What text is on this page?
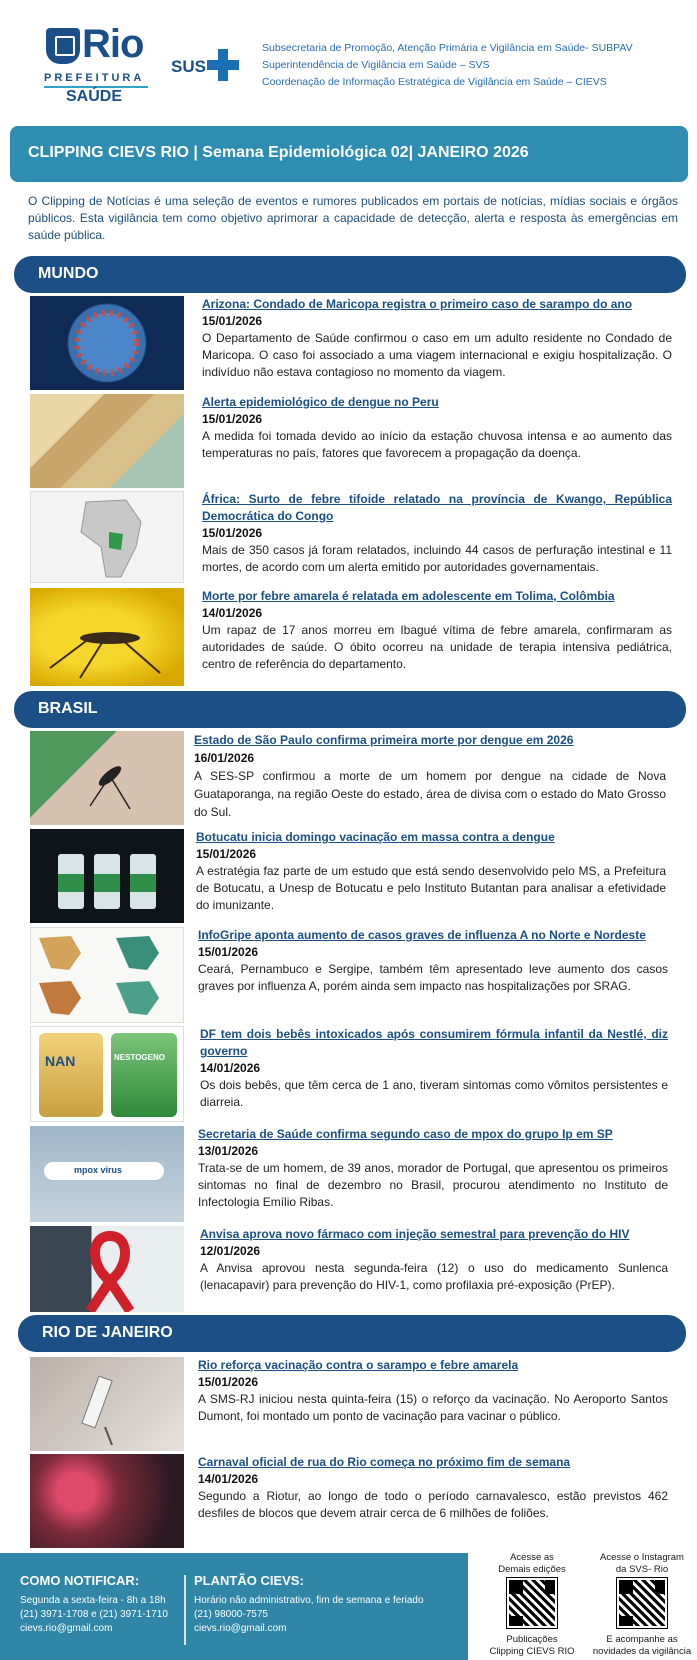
Rio
PREFEITURA
SAÚDE
SUS
Subsecretaria de Promoção, Atenção Primária e Vigilância em Saúde- SUBPAV
Superintendência de Vigilância em Saúde – SVS
Coordenação de Informação Estratégica de Vigilância em Saúde – CIEVS
CLIPPING CIEVS RIO | Semana Epidemiológica 02| JANEIRO 2026

O Clipping de Notícias é uma seleção de eventos e rumores publicados em portais de notícias, mídias sociais e órgãos públicos. Esta vigilância tem como objetivo aprimorar a capacidade de detecção, alerta e resposta às emergências em saúde pública.

MUNDO
Arizona: Condado de Maricopa registra o primeiro caso de sarampo do ano
15/01/2026
O Departamento de Saúde confirmou o caso em um adulto residente no Condado de Maricopa. O caso foi associado a uma viagem internacional e exigiu hospitalização. O indivíduo não estava contagioso no momento da viagem.
Alerta epidemiológico de dengue no Peru
15/01/2026
A medida foi tomada devido ao início da estação chuvosa intensa e ao aumento das temperaturas no país, fatores que favorecem a propagação da doença.
África: Surto de febre tifoide relatado na província de Kwango, República Democrática do Congo
15/01/2026
Mais de 350 casos já foram relatados, incluindo 44 casos de perfuração intestinal e 11 mortes, de acordo com um alerta emitido por autoridades governamentais.
Morte por febre amarela é relatada em adolescente em Tolima, Colômbia
14/01/2026
Um rapaz de 17 anos morreu em Ibagué vítima de febre amarela, confirmaram as autoridades de saúde. O óbito ocorreu na unidade de terapia intensiva pediátrica, centro de referência do departamento.
BRASIL
Estado de São Paulo confirma primeira morte por dengue em 2026
16/01/2026
A SES-SP confirmou a morte de um homem por dengue na cidade de Nova Guataporanga, na região Oeste do estado, área de divisa com o estado do Mato Grosso do Sul.
Botucatu inicia domingo vacinação em massa contra a dengue
15/01/2026
A estratégia faz parte de um estudo que está sendo desenvolvido pelo MS, a Prefeitura de Botucatu, a Unesp de Botucatu e pelo Instituto Butantan para analisar a efetividade do imunizante.
InfoGripe aponta aumento de casos graves de influenza A no Norte e Nordeste
15/01/2026
Ceará, Pernambuco e Sergipe, também têm apresentado leve aumento dos casos graves por influenza A, porém ainda sem impacto nas hospitalizações por SRAG.
NAN	NESTOGENO
DF tem dois bebês intoxicados após consumirem fórmula infantil da Nestlé, diz governo
14/01/2026
Os dois bebês, que têm cerca de 1 ano, tiveram sintomas como vômitos persistentes e diarreia.
mpox virus
Secretaria de Saúde confirma segundo caso de mpox do grupo Ip em SP
13/01/2026
Trata-se de um homem, de 39 anos, morador de Portugal, que apresentou os primeiros sintomas no final de dezembro no Brasil, procurou atendimento no Instituto de Infectologia Emílio Ribas.
Anvisa aprova novo fármaco com injeção semestral para prevenção do HIV
12/01/2026
A Anvisa aprovou nesta segunda-feira (12) o uso do medicamento Sunlenca (lenacapavir) para prevenção do HIV-1, como profilaxia pré-exposição (PrEP).
RIO DE JANEIRO
Rio reforça vacinação contra o sarampo e febre amarela
15/01/2026
A SMS-RJ iniciou nesta quinta-feira (15) o reforço da vacinação. No Aeroporto Santos Dumont, foi montado um ponto de vacinação para vacinar o público.
Carnaval oficial de rua do Rio começa no próximo fim de semana
14/01/2026
Segundo a Riotur, ao longo de todo o período carnavalesco, estão previstos 462 desfiles de blocos que devem atrair cerca de 6 milhões de foliões.
COMO NOTIFICAR:
Segunda a sexta-feira - 8h a 18h
(21) 3971-1708 e (21) 3971-1710
cievs.rio@gmail.com
PLANTÃO CIEVS:
Horário não administrativo, fim de semana e feriado
(21) 98000-7575
cievs.rio@gmail.com
Acesse as
Demais edições
Publicações
Clipping CIEVS RIO
Acesse o Instagram
da SVS- Rio
E acompanhe as
novidades da vigilância
